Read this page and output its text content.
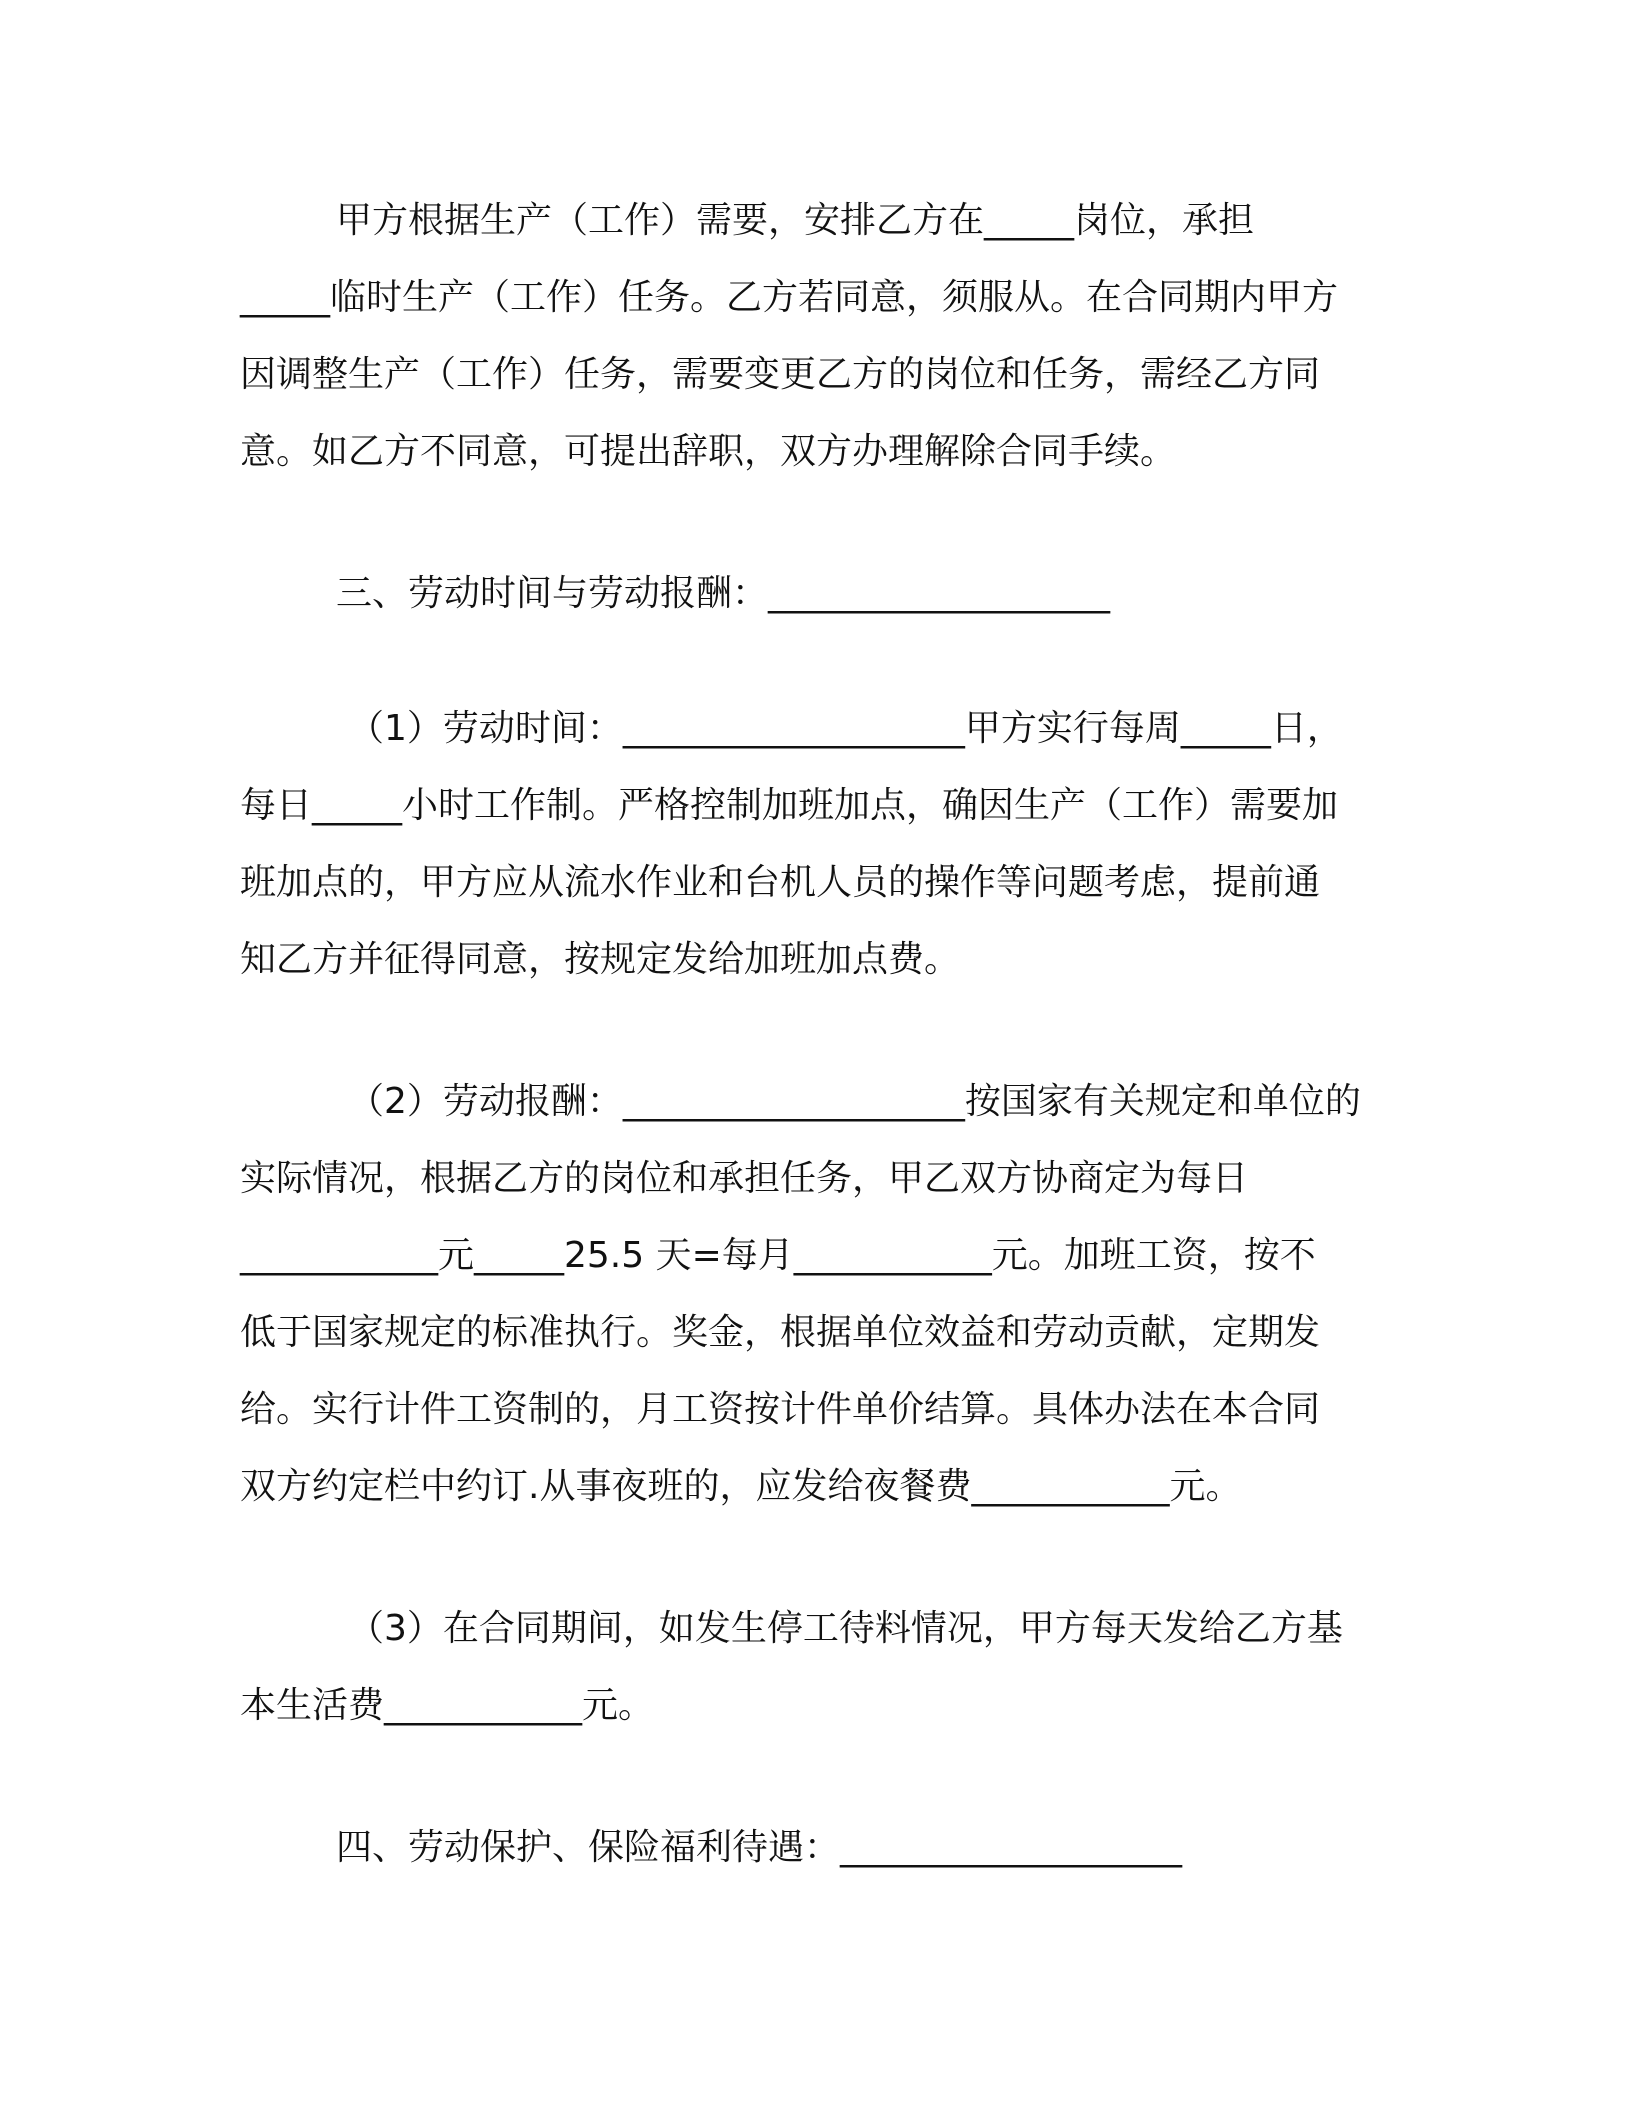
甲方根据生产（工作）需要，安排乙方在_____岗位，承担
_____临时生产（工作）任务。乙方若同意，须服从。在合同期内甲方
因调整生产（工作）任务，需要变更乙方的岗位和任务，需经乙方同
意。如乙方不同意，可提出辞职，双方办理解除合同手续。
三、劳动时间与劳动报酬：___________________
（1）劳动时间：___________________甲方实行每周_____日，
每日_____小时工作制。严格控制加班加点，确因生产（工作）需要加
班加点的，甲方应从流水作业和台机人员的操作等问题考虑，提前通
知乙方并征得同意，按规定发给加班加点费。
（2）劳动报酬：___________________按国家有关规定和单位的
实际情况，根据乙方的岗位和承担任务，甲乙双方协商定为每日
___________元_____25.5 天=每月___________元。加班工资，按不
低于国家规定的标准执行。奖金，根据单位效益和劳动贡献，定期发
给。实行计件工资制的，月工资按计件单价结算。具体办法在本合同
双方约定栏中约订.从事夜班的，应发给夜餐费___________元。
（3）在合同期间，如发生停工待料情况，甲方每天发给乙方基
本生活费___________元。
四、劳动保护、保险福利待遇：___________________
